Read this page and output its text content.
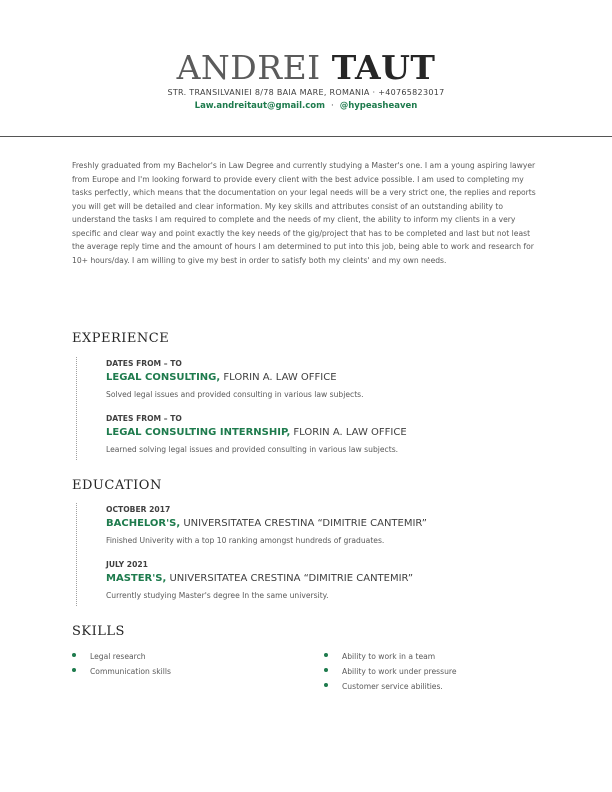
ANDREI TAUT
STR. TRANSILVANIEI 8/78 BAIA MARE, ROMANIA · +40765823017
Law.andreitaut@gmail.com · @hypeasheaven
Freshly graduated from my Bachelor's in Law Degree and currently studying a Master's one. I am a young aspiring lawyer from Europe and I'm looking forward to provide every client with the best advice possible. I am used to completing my tasks perfectly, which means that the documentation on your legal needs will be a very strict one, the replies and reports you will get will be detailed and clear information. My key skills and attributes consist of an outstanding ability to understand the tasks I am required to complete and the needs of my client, the ability to inform my clients in a very specific and clear way and point exactly the key needs of the gig/project that has to be completed and last but not least the average reply time and the amount of hours I am determined to put into this job, being able to work and research for 10+ hours/day. I am willing to give my best in order to satisfy both my cleints' and my own needs.
EXPERIENCE
DATES FROM – TO
LEGAL CONSULTING, FLORIN A. LAW OFFICE
Solved legal issues and provided consulting in various law subjects.
DATES FROM – TO
LEGAL CONSULTING INTERNSHIP, FLORIN A. LAW OFFICE
Learned solving legal issues and provided consulting in various law subjects.
EDUCATION
OCTOBER 2017
BACHELOR'S, UNIVERSITATEA CRESTINA “DIMITRIE CANTEMIR”
Finished Univerity with a top 10 ranking amongst hundreds of graduates.
JULY 2021
MASTER'S, UNIVERSITATEA CRESTINA “DIMITRIE CANTEMIR”
Currently studying Master's degree In the same university.
SKILLS
Legal research
Communication skills
Ability to work in a team
Ability to work under pressure
Customer service abilities.
